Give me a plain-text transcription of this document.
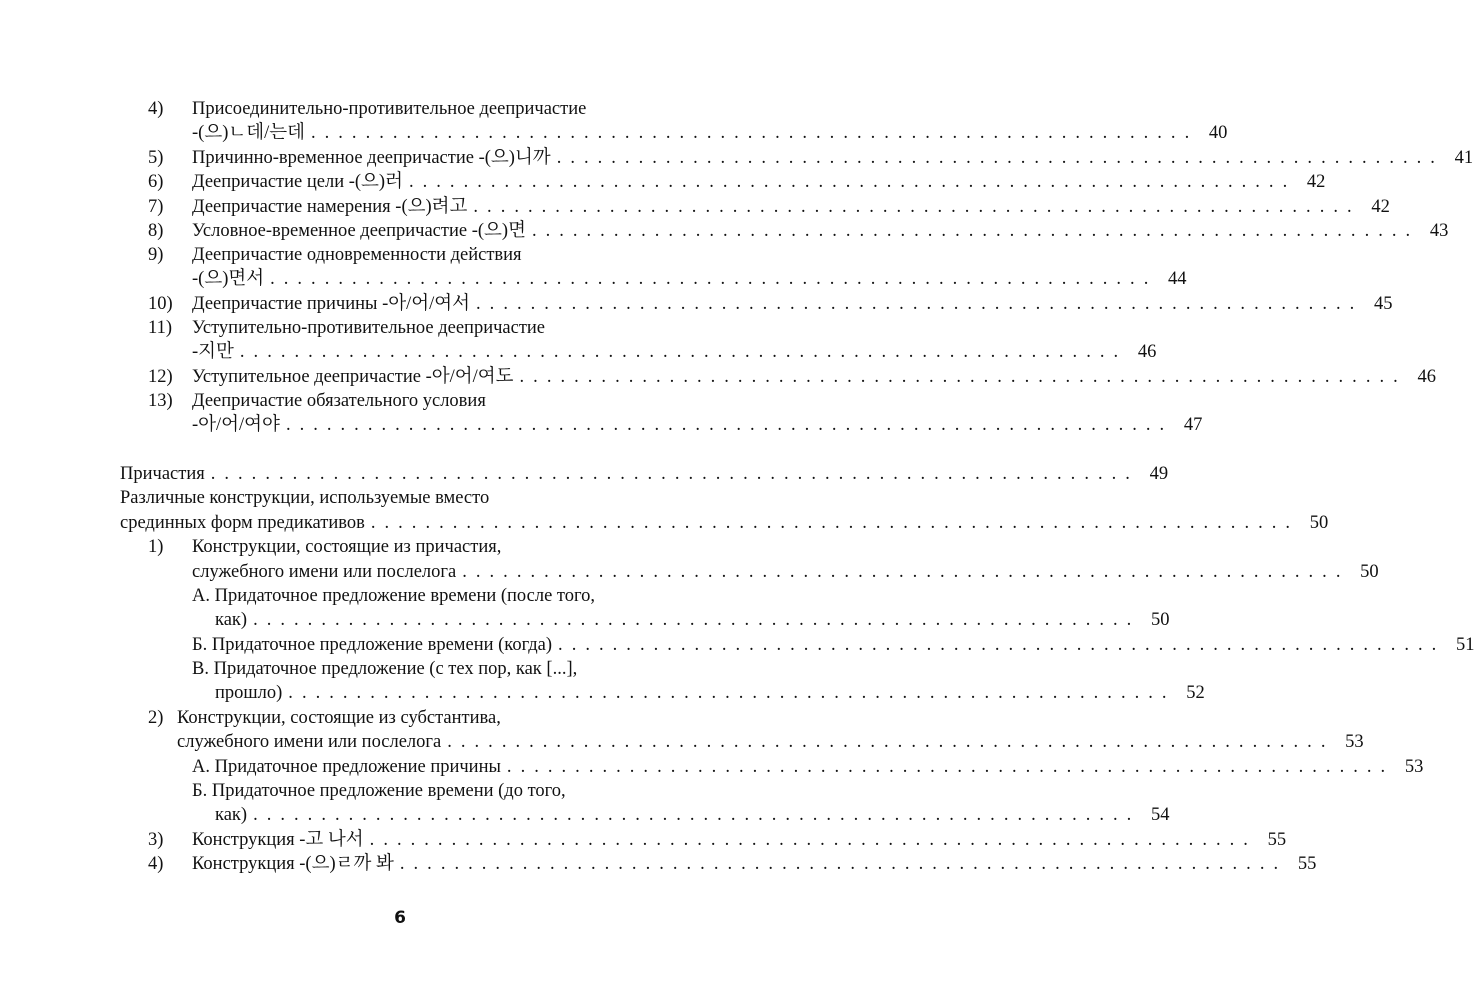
4) Присоединительно-противительное деепричастие
-(으)ㄴ데/는데 . . . . . . . . . . . . . . . . . . . . . . . . . . . . . . . . . . . . . . . . . . . . . . . . . . . . . . . . . . . . . . . . . 40
5) Причинно-временное деепричастие -(으)니까 . . . . . . . . . . . . . . . . . . . . . . . . . . . . . . . . . . . . . . . . . . . . . . . . . . . . . . . . . . . . . . . . . 41
6) Деепричастие цели -(으)러 . . . . . . . . . . . . . . . . . . . . . . . . . . . . . . . . . . . . . . . . . . . . . . . . . . . . . . . . . . . . . . . . . 42
7) Деепричастие намерения -(으)려고 . . . . . . . . . . . . . . . . . . . . . . . . . . . . . . . . . . . . . . . . . . . . . . . . . . . . . . . . . . . . . . . . . 42
8) Условное-временное деепричастие -(으)면 . . . . . . . . . . . . . . . . . . . . . . . . . . . . . . . . . . . . . . . . . . . . . . . . . . . . . . . . . . . . . . . . . 43
9) Деепричастие одновременности действия
-(으)면서 . . . . . . . . . . . . . . . . . . . . . . . . . . . . . . . . . . . . . . . . . . . . . . . . . . . . . . . . . . . . . . . . . 44
10) Деепричастие причины -아/어/여서 . . . . . . . . . . . . . . . . . . . . . . . . . . . . . . . . . . . . . . . . . . . . . . . . . . . . . . . . . . . . . . . . . 45
11) Уступительно-противительное деепричастие
-지만 . . . . . . . . . . . . . . . . . . . . . . . . . . . . . . . . . . . . . . . . . . . . . . . . . . . . . . . . . . . . . . . . . 46
12) Уступительное деепричастие -아/어/여도 . . . . . . . . . . . . . . . . . . . . . . . . . . . . . . . . . . . . . . . . . . . . . . . . . . . . . . . . . . . . . . . . . 46
13) Деепричастие обязательного условия
-아/어/여야 . . . . . . . . . . . . . . . . . . . . . . . . . . . . . . . . . . . . . . . . . . . . . . . . . . . . . . . . . . . . . . . . . 47
Причастия . . . . . . . . . . . . . . . . . . . . . . . . . . . . . . . . . . . . . . . . . . . . . . . . . . . . . . . . . . . . . . . . . . . . 49
Различные конструкции, используемые вместо
срединных форм предикативов . . . . . . . . . . . . . . . . . . . . . . . . . . . . . . . . . . . . . . . . . . . . . . . . . . . . . . . . . . . . . . . . . . . . 50
1) Конструкции, состоящие из причастия,
служебного имени или послелога . . . . . . . . . . . . . . . . . . . . . . . . . . . . . . . . . . . . . . . . . . . . . . . . . . . . . . . . . . . . . . . . . 50
А. Придаточное предложение времени (после того,
как) . . . . . . . . . . . . . . . . . . . . . . . . . . . . . . . . . . . . . . . . . . . . . . . . . . . . . . . . . . . . . . . . . 50
Б. Придаточное предложение времени (когда) . . . . . . . . . . . . . . . . . . . . . . . . . . . . . . . . . . . . . . . . . . . . . . . . . . . . . . . . . . . . . . . . . 51
В. Придаточное предложение (с тех пор, как [...],
прошло) . . . . . . . . . . . . . . . . . . . . . . . . . . . . . . . . . . . . . . . . . . . . . . . . . . . . . . . . . . . . . . . . . 52
2) Конструкции, состоящие из субстантива,
служебного имени или послелога . . . . . . . . . . . . . . . . . . . . . . . . . . . . . . . . . . . . . . . . . . . . . . . . . . . . . . . . . . . . . . . . . 53
А. Придаточное предложение причины . . . . . . . . . . . . . . . . . . . . . . . . . . . . . . . . . . . . . . . . . . . . . . . . . . . . . . . . . . . . . . . . . 53
Б. Придаточное предложение времени (до того,
как) . . . . . . . . . . . . . . . . . . . . . . . . . . . . . . . . . . . . . . . . . . . . . . . . . . . . . . . . . . . . . . . . . 54
3) Конструкция -고 나서 . . . . . . . . . . . . . . . . . . . . . . . . . . . . . . . . . . . . . . . . . . . . . . . . . . . . . . . . . . . . . . . . . 55
4) Конструкция -(으)ㄹ까 봐 . . . . . . . . . . . . . . . . . . . . . . . . . . . . . . . . . . . . . . . . . . . . . . . . . . . . . . . . . . . . . . . . . 55
6
